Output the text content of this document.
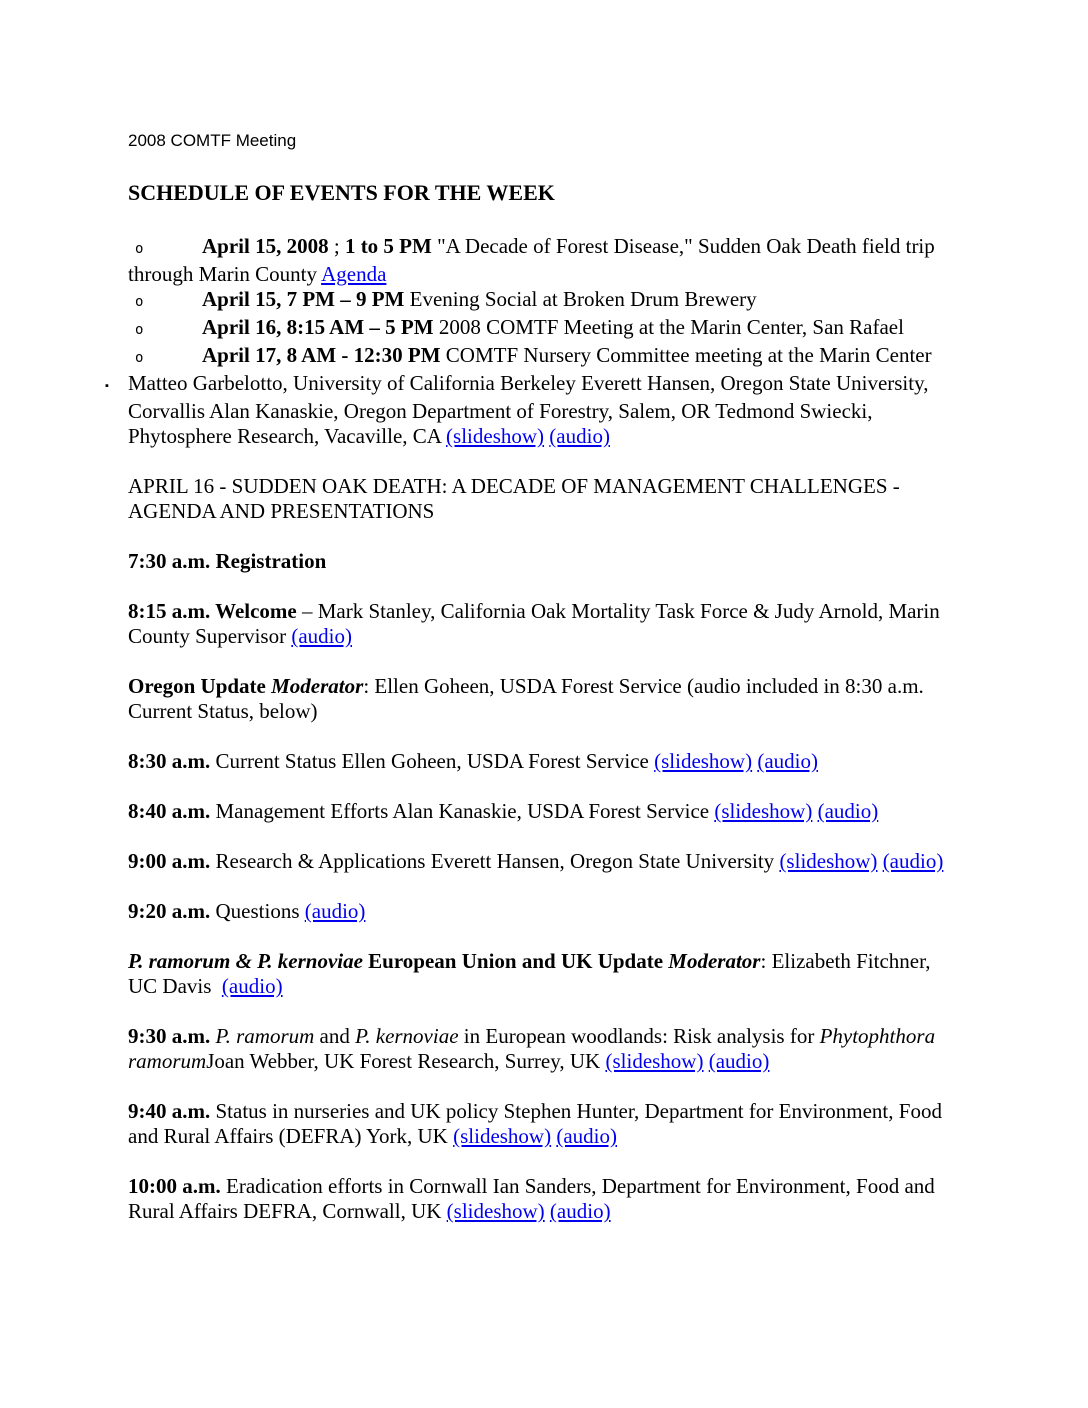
2008 COMTF Meeting

SCHEDULE OF EVENTS FOR THE WEEK

o	April 15, 2008 ; 1 to 5 PM "A Decade of Forest Disease," Sudden Oak Death field trip through Marin County Agenda

o	April 15, 7 PM – 9 PM Evening Social at Broken Drum Brewery

o	April 16, 8:15 AM – 5 PM 2008 COMTF Meeting at the Marin Center, San Rafael

o	April 17, 8 AM - 12:30 PM COMTF Nursery Committee meeting at the Marin Center

▪ Matteo Garbelotto, University of California Berkeley Everett Hansen, Oregon State University, Corvallis Alan Kanaskie, Oregon Department of Forestry, Salem, OR Tedmond Swiecki, Phytosphere Research, Vacaville, CA (slideshow) (audio)

APRIL 16 - SUDDEN OAK DEATH: A DECADE OF MANAGEMENT CHALLENGES - AGENDA AND PRESENTATIONS

7:30 a.m. Registration

8:15 a.m. Welcome – Mark Stanley, California Oak Mortality Task Force & Judy Arnold, Marin County Supervisor (audio)

Oregon Update Moderator: Ellen Goheen, USDA Forest Service (audio included in 8:30 a.m. Current Status, below)

8:30 a.m. Current Status Ellen Goheen, USDA Forest Service (slideshow) (audio)

8:40 a.m. Management Efforts Alan Kanaskie, USDA Forest Service (slideshow) (audio)

9:00 a.m. Research & Applications Everett Hansen, Oregon State University (slideshow) (audio)

9:20 a.m. Questions (audio)

P. ramorum & P. kernoviae European Union and UK Update Moderator: Elizabeth Fitchner, UC Davis  (audio)

9:30 a.m. P. ramorum and P. kernoviae in European woodlands: Risk analysis for Phytophthora ramorumJoan Webber, UK Forest Research, Surrey, UK (slideshow) (audio)

9:40 a.m. Status in nurseries and UK policy Stephen Hunter, Department for Environment, Food and Rural Affairs (DEFRA) York, UK (slideshow) (audio)

10:00 a.m. Eradication efforts in Cornwall Ian Sanders, Department for Environment, Food and Rural Affairs DEFRA, Cornwall, UK (slideshow) (audio)
